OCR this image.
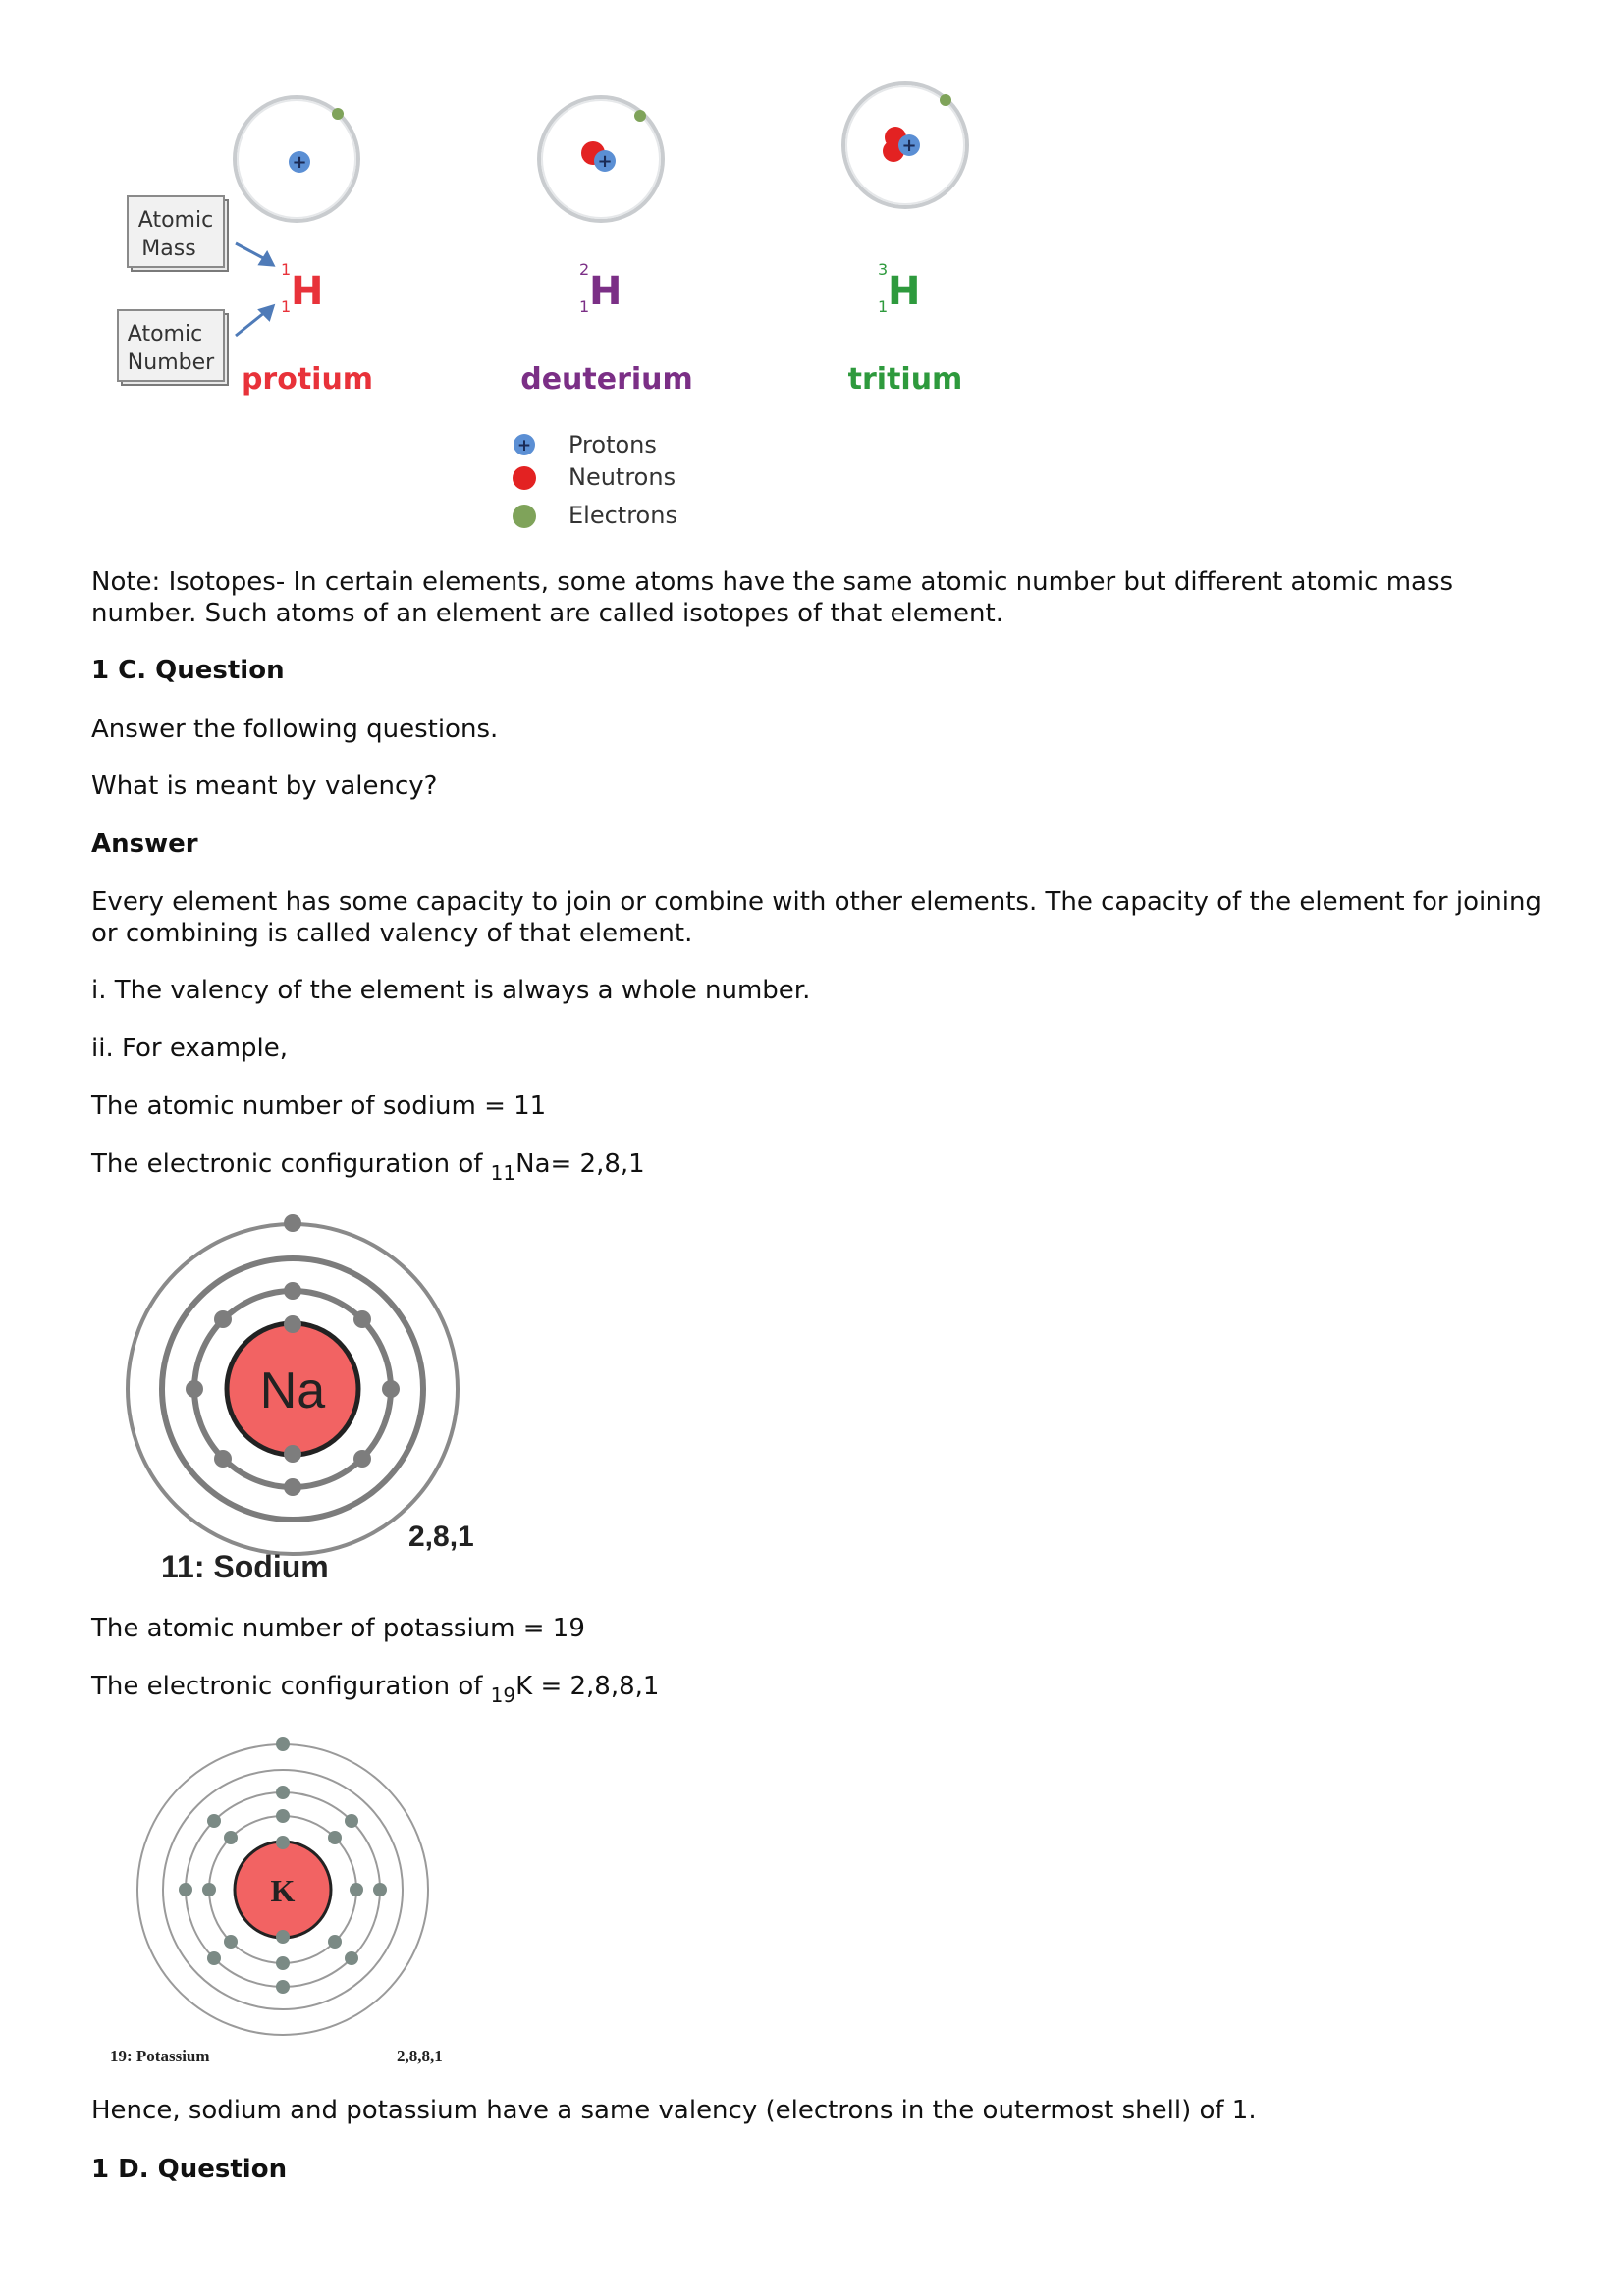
+	+
+
Atomic
Mass
Atomic
Number
1
1 H
protium
2
1 H
deuterium
3
1 H
tritium
+ Protons
Neutrons
Electrons

Note: Isotopes- In certain elements, some atoms have the same atomic number but different atomic mass number. Such atoms of an element are called isotopes of that element.

1 C. Question

Answer the following questions.

What is meant by valency?

Answer

Every element has some capacity to join or combine with other elements. The capacity of the element for joining or combining is called valency of that element.

i. The valency of the element is always a whole number.

ii. For example,

The atomic number of sodium = 11

The electronic configuration of $_{11}$Na= 2,8,1

Na
2,8,1
11: Sodium

The atomic number of potassium = 19

The electronic configuration of $_{19}$K = 2,8,8,1

K
19: Potassium	2,8,8,1

Hence, sodium and potassium have a same valency (electrons in the outermost shell) of 1.

1 D. Question
